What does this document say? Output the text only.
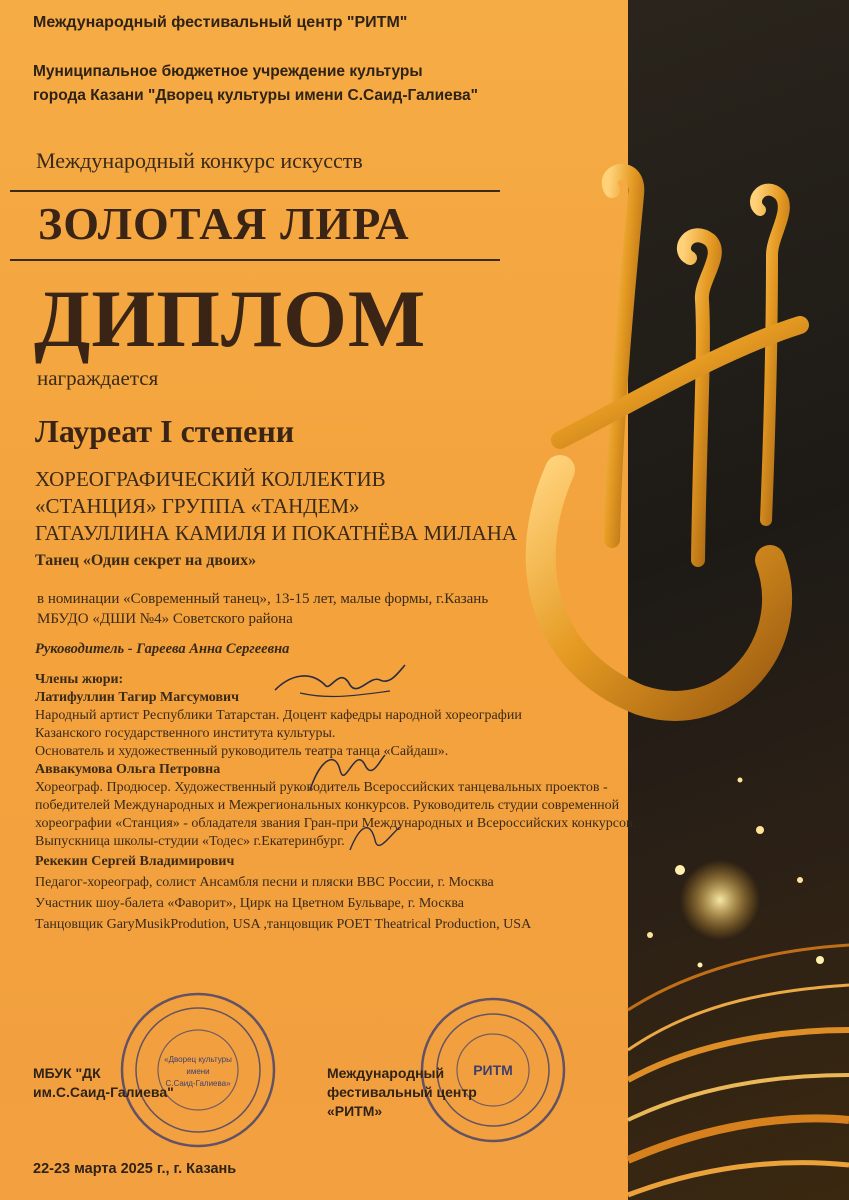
Международный фестивальный центр "РИТМ"
Муниципальное бюджетное учреждение культуры
города Казани "Дворец культуры имени С.Саид-Галиева"
Международный конкурс искусств
ЗОЛОТАЯ ЛИРА
ДИПЛОМ
награждается
Лауреат I степени
ХОРЕОГРАФИЧЕСКИЙ КОЛЛЕКТИВ
«СТАНЦИЯ» ГРУППА «ТАНДЕМ»
ГАТАУЛЛИНА КАМИЛЯ И ПОКАТНЁВА МИЛАНА
Танец «Один секрет на двоих»
в номинации «Современный танец», 13-15 лет, малые формы, г.Казань
МБУДО «ДШИ №4» Советского района
Руководитель - Гареева Анна Сергеевна
Члены жюри:
Латифуллин Тагир Магсумович
Народный артист Республики Татарстан. Доцент кафедры народной хореографии
Казанского государственного института культуры.
Основатель и художественный руководитель театра танца «Сайдаш».
Аввакумова Ольга Петровна
Хореограф. Продюсер. Художественный руководитель Всероссийских танцевальных проектов -
победителей Международных и Межрегиональных конкурсов. Руководитель студии современной
хореографии «Станция» - обладателя звания Гран-при Международных и Всероссийских конкурсов.
Выпускница школы-студии «Тодес» г.Екатеринбург.
Рекекин Сергей Владимирович
Педагог-хореограф, солист Ансамбля песни и пляски ВВС России, г. Москва
Участник шоу-балета «Фаворит», Цирк на Цветном Бульваре, г. Москва
Танцовщик GaryMusikProdution, USA ,танцовщик POET Theatrical Production, USA
«Дворец культуры
имени
С.Саид-Галиева»
РИТМ
МБУК "ДК
им.С.Саид-Галиева"
Международный
фестивальный центр
«РИТМ»
22-23 марта 2025 г., г. Казань
